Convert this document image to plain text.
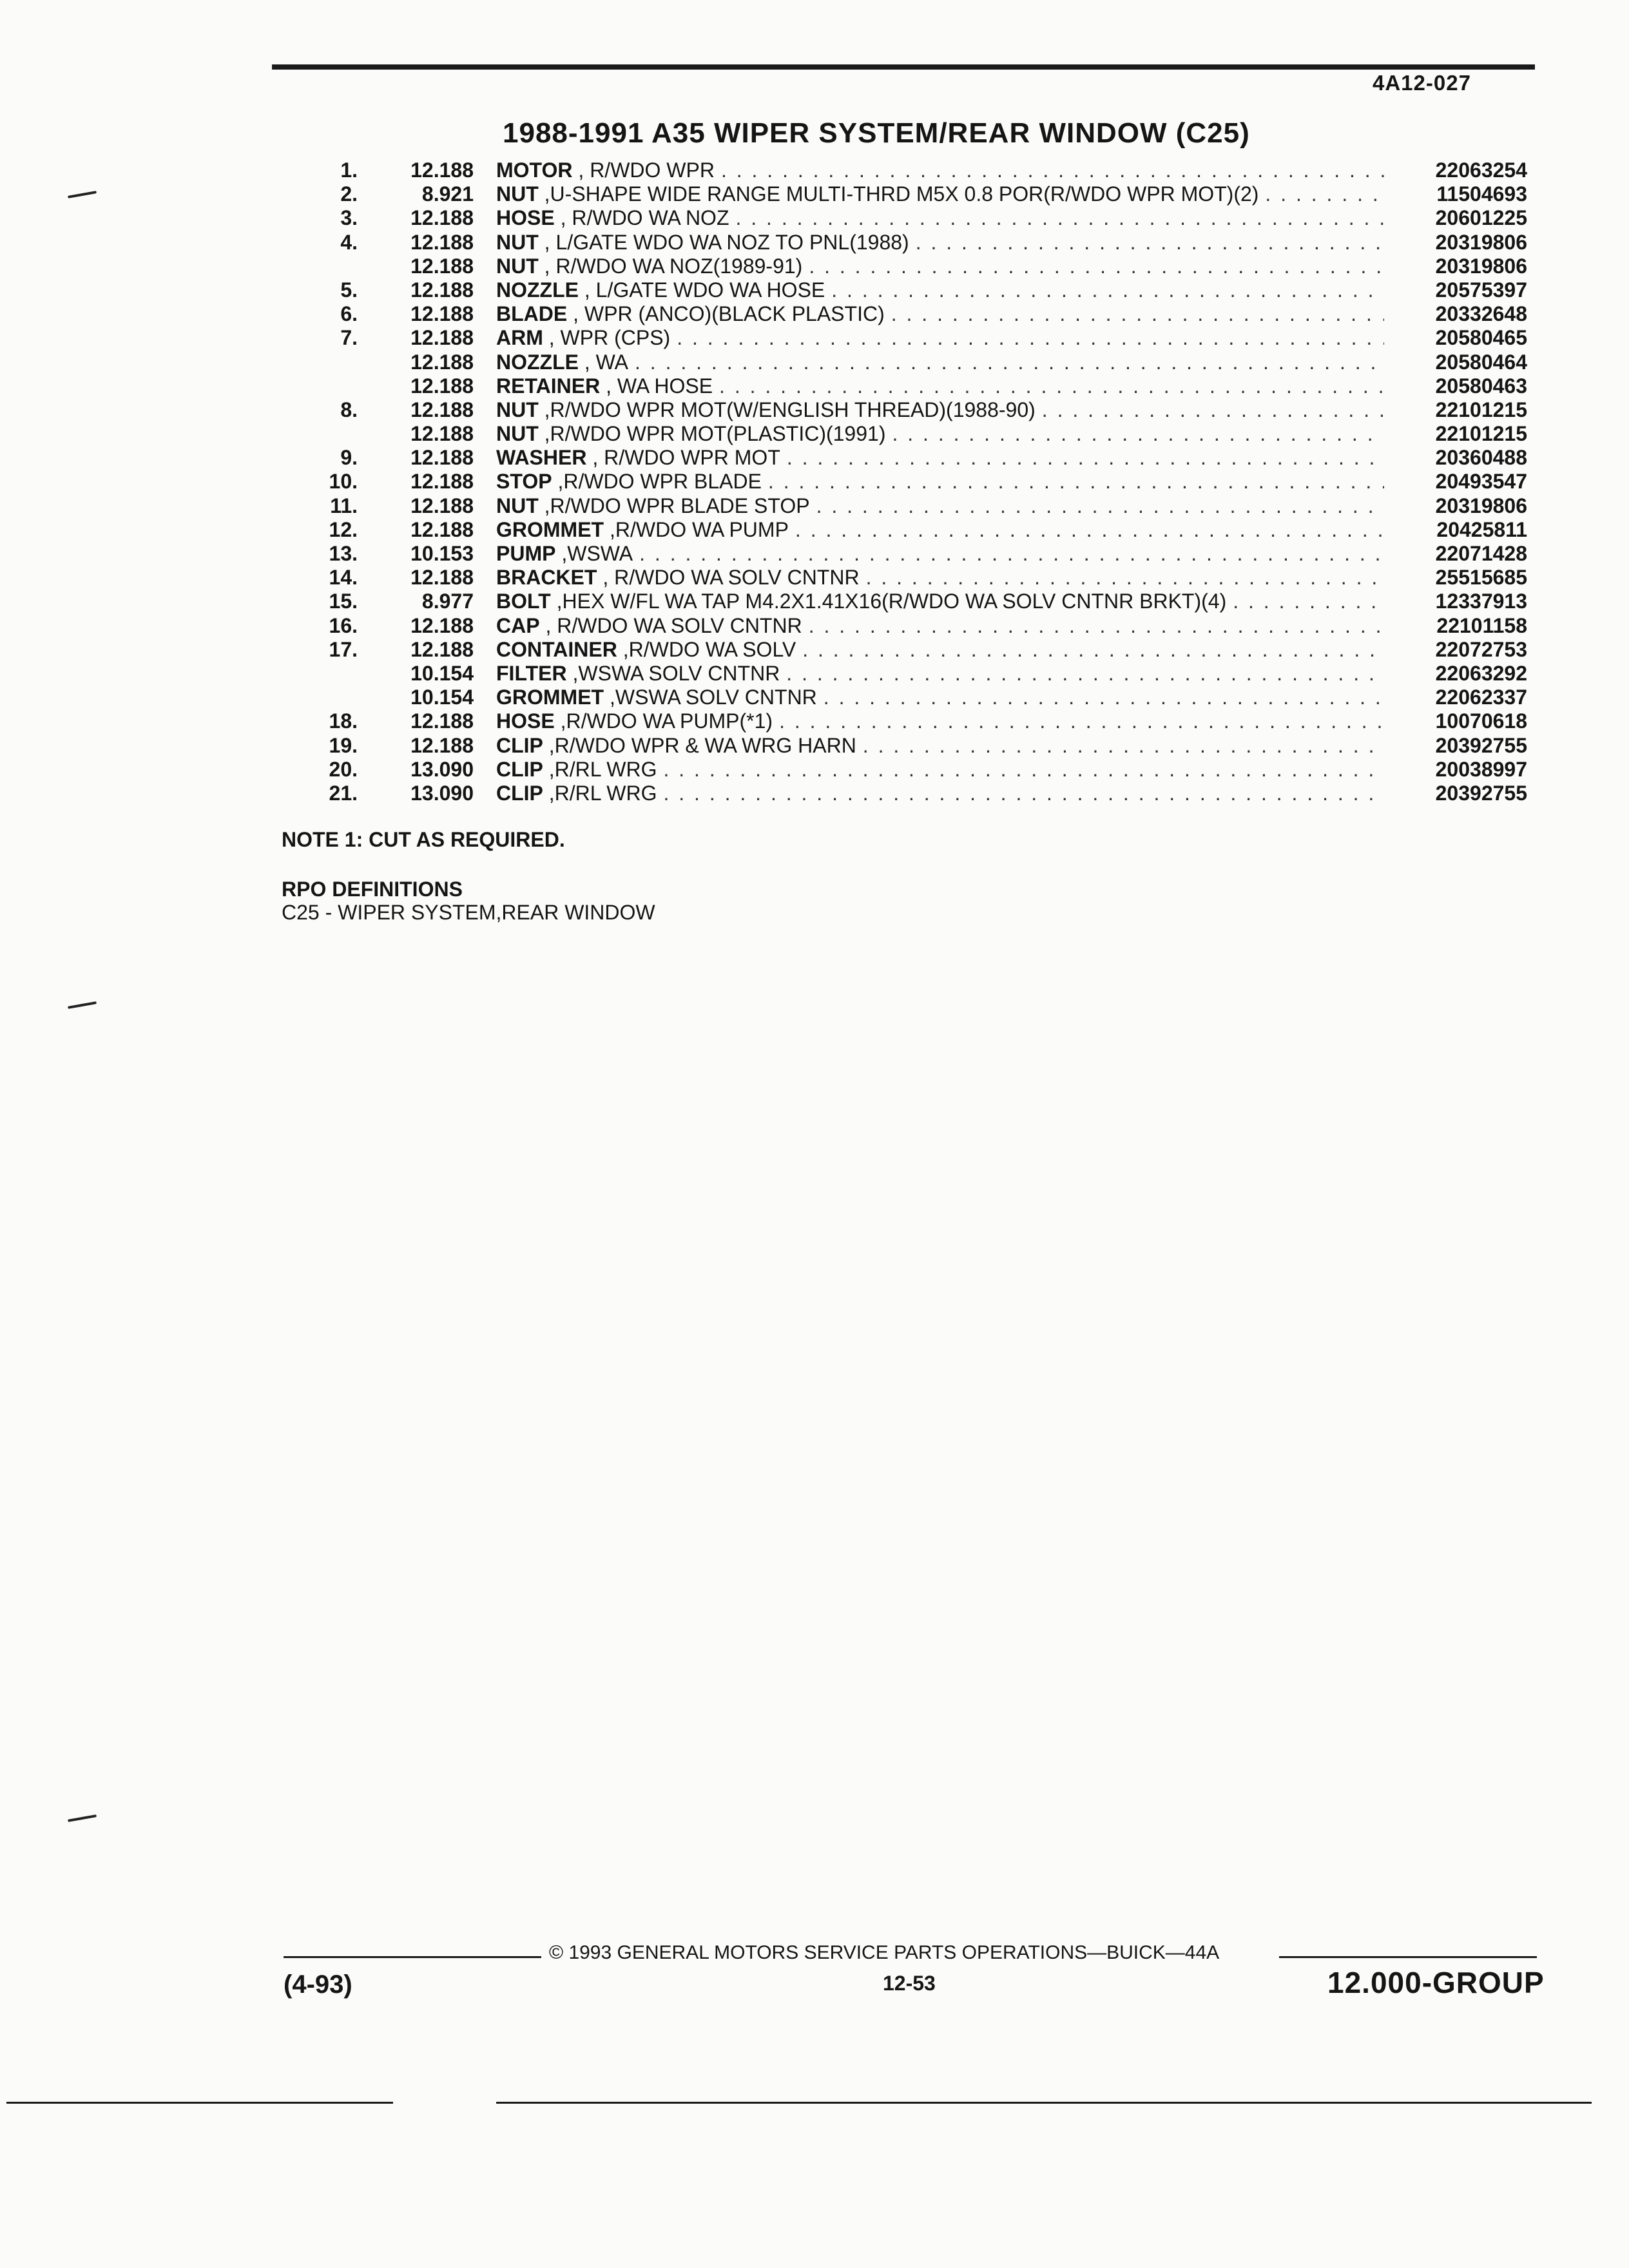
4A12-027
1988-1991 A35 WIPER SYSTEM/REAR WINDOW (C25)
1.	12.188 MOTOR , R/WDO WPR . . .	22063254
2.	8.921 NUT ,U-SHAPE WIDE RANGE MULTI-THRD M5X 0.8 POR(R/WDO WPR MOT)(2) . . .	11504693
3.	12.188 HOSE , R/WDO WA NOZ . . .	20601225
4.	12.188 NUT , L/GATE WDO WA NOZ TO PNL(1988) . . .	20319806
12.188 NUT , R/WDO WA NOZ(1989-91) . . .	20319806
5.	12.188 NOZZLE , L/GATE WDO WA HOSE . . .	20575397
6.	12.188 BLADE , WPR (ANCO)(BLACK PLASTIC) . . .	20332648
7.	12.188 ARM , WPR (CPS) . . .	20580465
12.188 NOZZLE , WA . . .	20580464
12.188 RETAINER , WA HOSE . . .	20580463
8.	12.188 NUT ,R/WDO WPR MOT(W/ENGLISH THREAD)(1988-90) . . .	22101215
12.188 NUT ,R/WDO WPR MOT(PLASTIC)(1991) . . .	22101215
9.	12.188 WASHER , R/WDO WPR MOT . . .	20360488
10.	12.188 STOP ,R/WDO WPR BLADE . . .	20493547
11.	12.188 NUT ,R/WDO WPR BLADE STOP . . .	20319806
12.	12.188 GROMMET ,R/WDO WA PUMP . . .	20425811
13.	10.153 PUMP ,WSWA . . .	22071428
14.	12.188 BRACKET , R/WDO WA SOLV CNTNR . . .	25515685
15.	8.977 BOLT ,HEX W/FL WA TAP M4.2X1.41X16(R/WDO WA SOLV CNTNR BRKT)(4) . . .	12337913
16.	12.188 CAP , R/WDO WA SOLV CNTNR . . .	22101158
17.	12.188 CONTAINER ,R/WDO WA SOLV . . .	22072753
10.154 FILTER ,WSWA SOLV CNTNR . . .	22063292
10.154 GROMMET ,WSWA SOLV CNTNR . . .	22062337
18.	12.188 HOSE ,R/WDO WA PUMP(*1) . . .	10070618
19.	12.188 CLIP ,R/WDO WPR & WA WRG HARN . . .	20392755
20.	13.090 CLIP ,R/RL WRG . . .	20038997
21.	13.090 CLIP ,R/RL WRG . . .	20392755
NOTE 1: CUT AS REQUIRED.
RPO DEFINITIONS
C25 - WIPER SYSTEM,REAR WINDOW
© 1993 GENERAL MOTORS SERVICE PARTS OPERATIONS—BUICK—44A
(4-93)	12-53	12.000-GROUP
